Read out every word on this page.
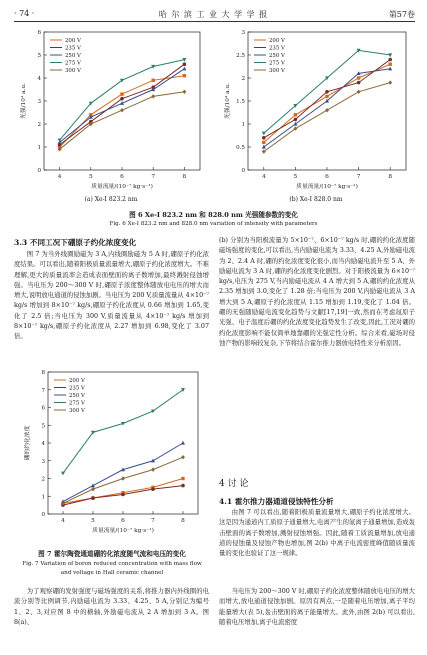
· 74 ·	哈 尔 滨 工 业 大 学 学 报	第57卷
0
1
2
3
4
5
6
4	5	6	7	8
质量流量/(10⁻⁷ kg·s⁻¹)
光强/10⁴ a.u.
200 V
235 V
250 V
275 V
300 V
(a) Xe-I 823.2 nm
0
0.5
1
1.5
2
2.5
3
4	5	6	7	8
质量流量/(10⁻⁷ kg·s⁻¹)
光强/10⁴ a.u.
200 V
235 V
250 V
275 V
300 V
(b) Xe-I 828.0 nm
图 6 Xe-I 823.2 nm 和 828.0 nm 光强随参数的变化
Fig. 6 Xe-I 823.2 nm and 828.0 nm variation of intensity with parameters
3.3 不同工况下硼原子约化浓度变化

图 7 为当外线圈励磁为 3 A,内线圈励磁为 5 A 时,硼原子约化浓度结果。可以看出,随着阳极质量流量增大,硼原子约化浓度增大。不难理解,更大的质量流率会造成表面壁面的离子数增加,最终溅射侵蚀增强。当电压为 200～300 V 时,硼原子浓度整体随放电电压的增大而增大,说明放电通道的侵蚀加剧。当电压为 200 V,质量流量从 4×10⁻⁷ kg/s 增加到 8×10⁻⁷ kg/s,硼原子约化浓度从 0.66 增加到 1.65,变化了 2.5 倍;当电压为 300 V,质量流量从 4×10⁻⁷ kg/s 增加到 8×10⁻⁷ kg/s,硼原子约化浓度从 2.27 增加到 6.98,变化了 3.07 倍。

0
1
2
3
4
5
6
7
8
4	5	6	7	8
质量流量/(10⁻⁷ kg·s⁻¹)
硼的约化浓度
200 V
235 V
250 V
275 V
300 V
图 7 霍尔陶瓷通道硼的化浓度随气流和电压的变化
Fig. 7 Variation of boron reduced concentration with mass flow
and voltage in Hall ceramic channel

为了观察硼的发射强度与磁场强度的关系,将推力器内外线圈的电流分别等比例调节,内励磁电流为 3.33、4.25、5 A,分别记为编号 1、2、3,对应图 8 中的横轴,外励磁电流从 2 A 增加到 3 A。图 8(a)、

(b) 分别为当阳极流量为 5×10⁻⁷、6×10⁻⁷ kg/s 时,硼的约化浓度随磁场强度的变化,可以看出,当内励磁电流为 3.33、4.25 A,外励磁电流为 2、2.4 A 时,硼的约化浓度变化很小,而当内励磁电流升至 5 A、外励磁电流为 3 A 时,硼的约化浓度变化剧烈。对于阳极流量为 6×10⁻⁷ kg/s,电压为 275 V,当内励磁电流从 4 A 增大到 5 A,硼的约化浓度从 2.35 增加到 3.0,变化了 1.28 倍;当电压为 200 V,内励磁电流从 3 A 增大到 5 A,硼原子约化浓度从 1.15 增加到 1.19,变化了 1.04 倍。硼的无强随励磁电流变化趋势与文献[17,19]一致,然而在考虑氙原子光强、电子温度后硼的约化浓度变化趋势发生了改变,因此,工况对硼的约化浓度影响不能仅简单地靠硼的光强定性分析。综合来看,磁场对侵蚀产物的影响较复杂,下节将结合霍尔推力器放电特性来分析原因。

4 讨 论
4.1 霍尔推力器通道侵蚀特性分析

由图 7 可以看出,随着阳极质量流量增大,硼原子约化浓度增大。这是因为通道内工质原子通量增大,电离产生的氙离子通量增加,造成轰击壁面的离子数增加,溅射侵蚀增强。因此,随着工质流量增加,放电通道的侵蚀量及侵蚀产物也增加,图 2(b) 中离子电流密度峰值随质量流量的变化也验证了这一规律。

当电压为 200～300 V 时,硼原子约化浓度整体随放电电压的增大而增大,放电通道侵蚀加剧。原因有两点,一是随着电压增加,离子平均能量增大(表 5),轰击壁面的离子能量增大。此外,由图 2(b) 可以看出,随着电压增加,离子电流密度
